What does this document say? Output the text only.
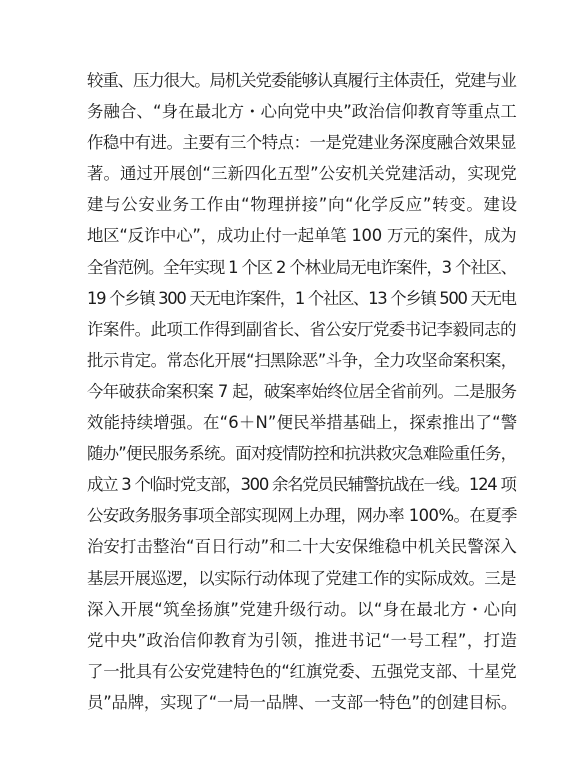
较重、压力很大。局机关党委能够认真履行主体责任，党建与业
务融合、“身在最北方・心向党中央”政治信仰教育等重点工
作稳中有进。主要有三个特点：一是党建业务深度融合效果显
著。通过开展创“三新四化五型”公安机关党建活动，实现党
建与公安业务工作由“物理拼接”向“化学反应”转变。建设
地区“反诈中心”，成功止付一起单笔 100 万元的案件，成为
全省范例。全年实现 1 个区 2 个林业局无电诈案件，3 个社区、
19 个乡镇 300 天无电诈案件，1 个社区、13 个乡镇 500 天无电
诈案件。此项工作得到副省长、省公安厅党委书记李毅同志的
批示肯定。常态化开展“扫黑除恶”斗争，全力攻坚命案积案，
今年破获命案积案 7 起，破案率始终位居全省前列。二是服务
效能持续增强。在“6＋N”便民举措基础上，探索推出了“警
随办”便民服务系统。面对疫情防控和抗洪救灾急难险重任务，
成立 3 个临时党支部，300 余名党员民辅警抗战在一线。124 项
公安政务服务事项全部实现网上办理，网办率 100%。在夏季
治安打击整治“百日行动”和二十大安保维稳中机关民警深入
基层开展巡逻，以实际行动体现了党建工作的实际成效。三是
深入开展“筑垒扬旗”党建升级行动。以“身在最北方・心向
党中央”政治信仰教育为引领，推进书记“一号工程”，打造
了一批具有公安党建特色的“红旗党委、五强党支部、十星党
员”品牌，实现了“一局一品牌、一支部一特色”的创建目标。
